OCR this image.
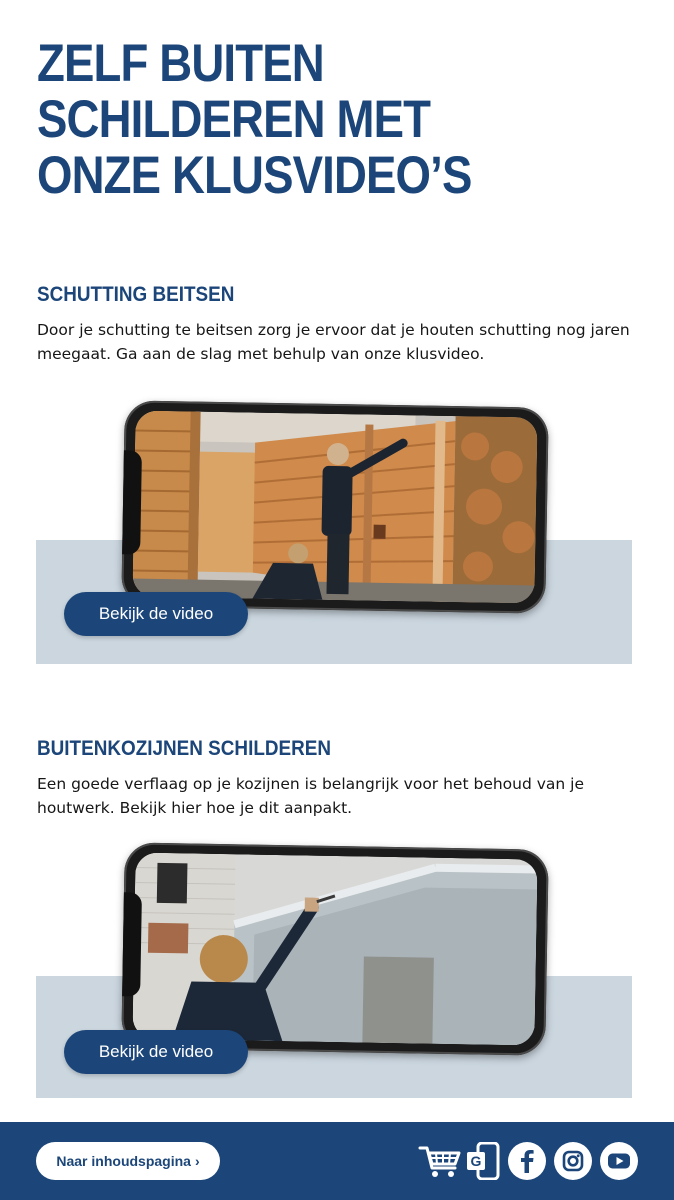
ZELF BUITEN
SCHILDEREN MET
ONZE KLUSVIDEO’S
SCHUTTING BEITSEN

Door je schutting te beitsen zorg je ervoor dat je houten schutting nog jaren meegaat. Ga aan de slag met behulp van onze klusvideo.

Bekijk de video
BUITENKOZIJNEN SCHILDEREN

Een goede verflaag op je kozijnen is belangrijk voor het behoud van je houtwerk. Bekijk hier hoe je dit aanpakt.

Bekijk de video
Naar inhoudspagina ›	G
